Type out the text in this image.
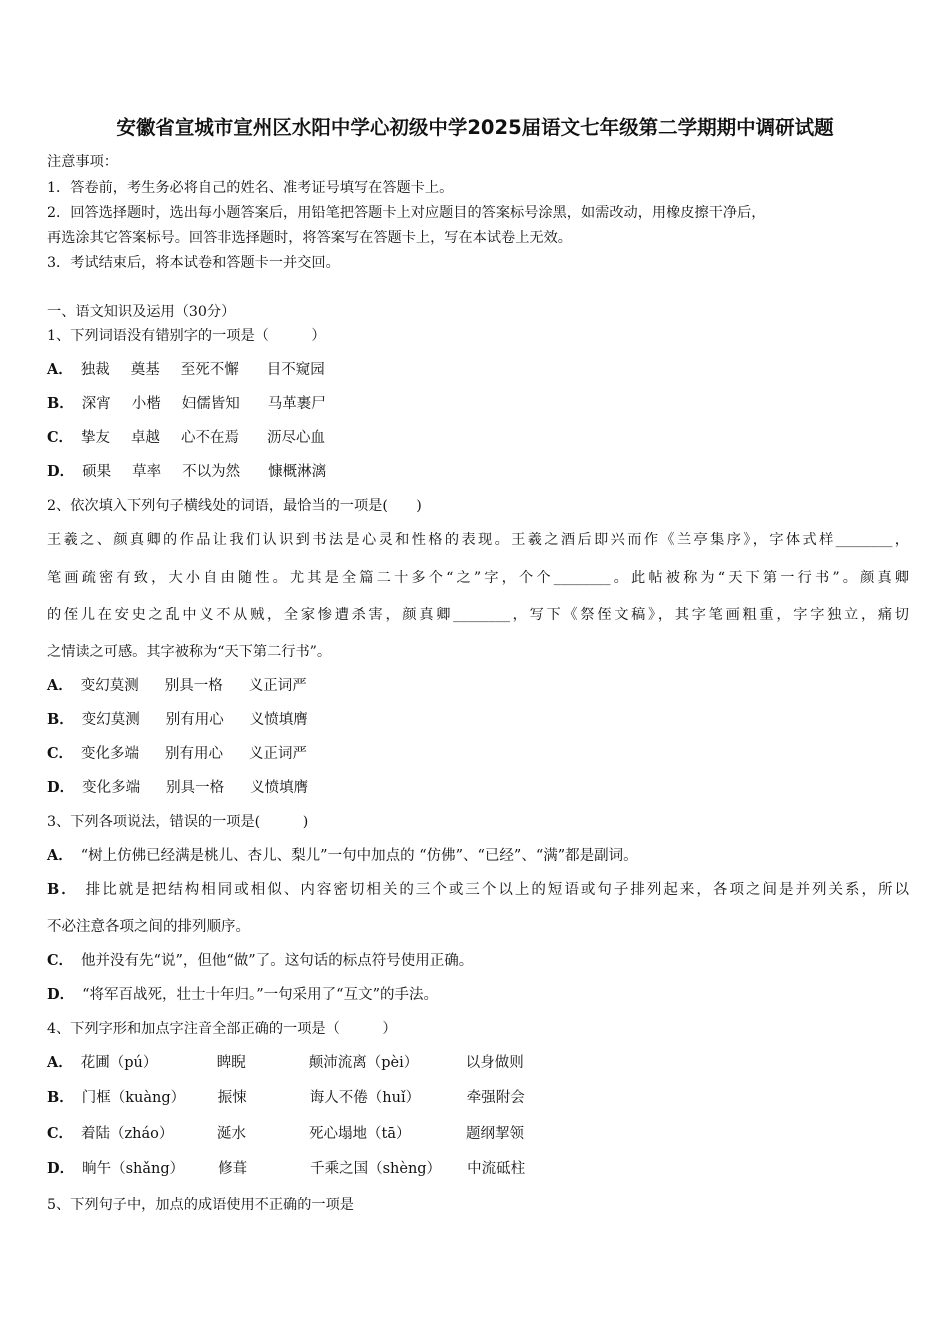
安徽省宣城市宣州区水阳中学心初级中学2025届语文七年级第二学期期中调研试题
注意事项：
1．答卷前，考生务必将自己的姓名、准考证号填写在答题卡上。
2．回答选择题时，选出每小题答案后，用铅笔把答题卡上对应题目的答案标号涂黑，如需改动，用橡皮擦干净后，
再选涂其它答案标号。回答非选择题时，将答案写在答题卡上，写在本试卷上无效。
3．考试结束后，将本试卷和答题卡一并交回。
一、语文知识及运用（30分）
1、下列词语没有错别字的一项是（　　　）
A． 独裁 奠基 至死不懈 目不窥园
B． 深宵 小楷 妇儒皆知 马革裹尸
C． 挚友 卓越 心不在焉 沥尽心血
D． 硕果 草率 不以为然 慷概淋漓
2、依次填入下列句子横线处的词语，最恰当的一项是(　　)
王羲之、颜真卿的作品让我们认识到书法是心灵和性格的表现。王羲之酒后即兴而作《兰亭集序》，字体式样________，
笔画疏密有致，大小自由随性。尤其是全篇二十多个“之”字，个个________。此帖被称为“天下第一行书”。颜真卿
的侄儿在安史之乱中义不从贼，全家惨遭杀害，颜真卿________，写下《祭侄文稿》，其字笔画粗重，字字独立，痛切
之情读之可感。其字被称为“天下第二行书”。
A． 变幻莫测 别具一格 义正词严
B． 变幻莫测 别有用心 义愤填膺
C． 变化多端 别有用心 义正词严
D． 变化多端 别具一格 义愤填膺
3、下列各项说法，错误的一项是(　　　)
A． “树上仿佛已经满是桃儿、杏儿、梨儿”一句中加点的 “仿佛”、“已经”、“满”都是副词。
B． 排比就是把结构相同或相似、内容密切相关的三个或三个以上的短语或句子排列起来，各项之间是并列关系，所以
不必注意各项之间的排列顺序。
C． 他并没有先“说”，但他“做”了。这句话的标点符号使用正确。
D． “将军百战死，壮士十年归。”一句采用了“互文”的手法。
4、下列字形和加点字注音全部正确的一项是（　　　）
A． 花圃（pú）	睥睨	颠沛流离（pèi）	以身做则
B． 门框（kuàng） 振悚	诲人不倦（huǐ）	牵强附会
C． 着陆（zháo）	涎水	死心塌地（tā）	题纲挈领
D． 晌午（shǎng） 修葺	千乘之国（shèng） 中流砥柱
5、下列句子中，加点的成语使用不正确的一项是
